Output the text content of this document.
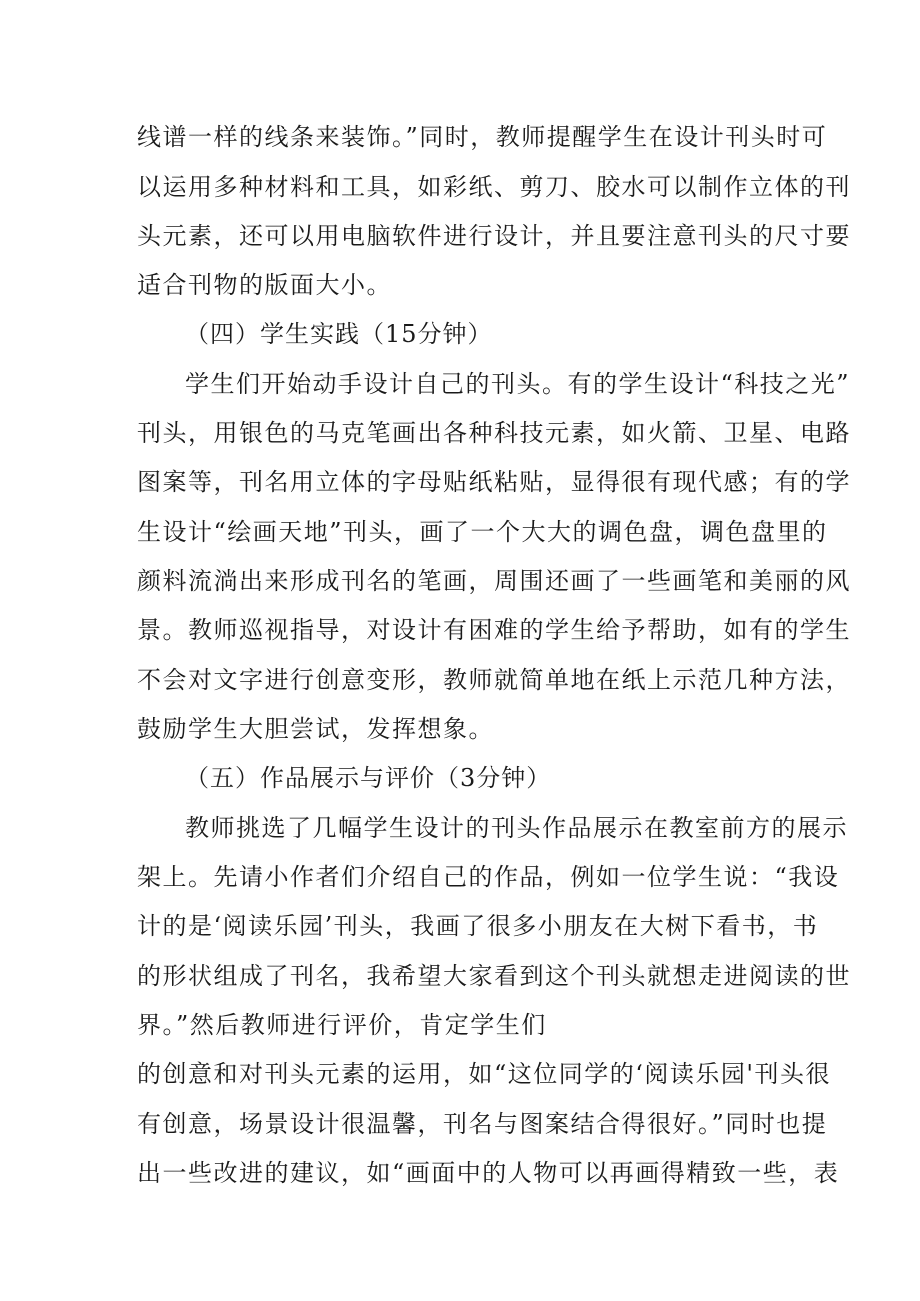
线谱一样的线条来装饰。”同时，教师提醒学生在设计刊头时可
以运用多种材料和工具，如彩纸、剪刀、胶水可以制作立体的刊
头元素，还可以用电脑软件进行设计，并且要注意刊头的尺寸要
适合刊物的版面大小。
（四）学生实践（15分钟）
学生们开始动手设计自己的刊头。有的学生设计“科技之光”
刊头，用银色的马克笔画出各种科技元素，如火箭、卫星、电路
图案等，刊名用立体的字母贴纸粘贴，显得很有现代感；有的学
生设计“绘画天地”刊头，画了一个大大的调色盘，调色盘里的
颜料流淌出来形成刊名的笔画，周围还画了一些画笔和美丽的风
景。教师巡视指导，对设计有困难的学生给予帮助，如有的学生
不会对文字进行创意变形，教师就简单地在纸上示范几种方法，
鼓励学生大胆尝试，发挥想象。
（五）作品展示与评价（3分钟）
教师挑选了几幅学生设计的刊头作品展示在教室前方的展示
架上。先请小作者们介绍自己的作品，例如一位学生说：“我设
计的是‘阅读乐园’刊头，我画了很多小朋友在大树下看书，书
的形状组成了刊名，我希望大家看到这个刊头就想走进阅读的世
界。”然后教师进行评价，肯定学生们
的创意和对刊头元素的运用，如“这位同学的‘阅读乐园'刊头很
有创意，场景设计很温馨，刊名与图案结合得很好。”同时也提
出一些改进的建议，如“画面中的人物可以再画得精致一些，表
